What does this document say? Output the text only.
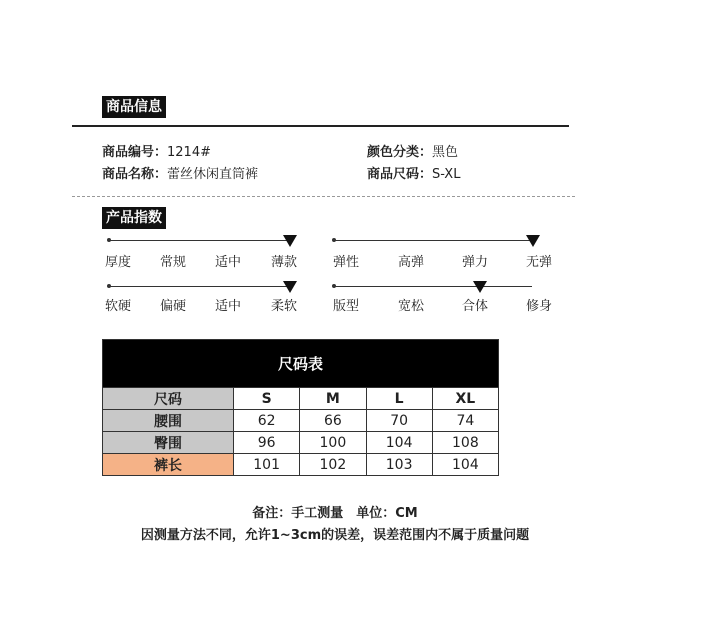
商品信息
商品编号：1214#
商品名称：蕾丝休闲直筒裤
颜色分类：黑色
商品尺码：S-XL
产品指数
厚度 常规 适中 薄款	弹性	高弹	弹力	无弹
软硬 偏硬 适中 柔软	版型	宽松	合体	修身
尺码表				
尺码	S	M	L	XL
腰围	62	66	70	74
臀围	96	100	104	108
裤长	101	102	103	104
备注：手工测量　单位：CM
因测量方法不同，允许1~3cm的误差，误差范围内不属于质量问题
